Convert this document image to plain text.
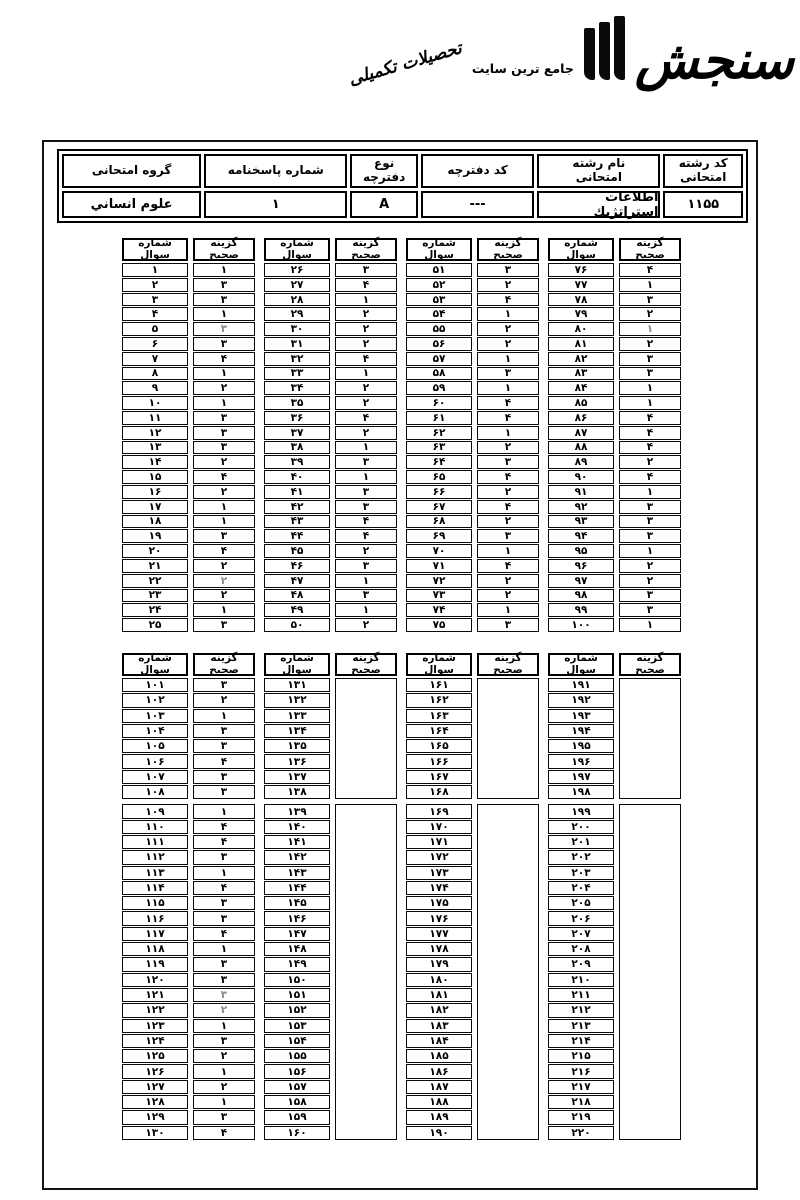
تحصیلات تکمیلی جامع ترین سایت سنجش
کد رشته
امتحانی
۱۱۵۵
نام رشته
امتحانی
اطلاعات استراتژیك
کد دفترچه
---
نوع
دفترچه
A
شماره پاسخنامه
۱
گروه امتحانی
علوم انساني
شماره
سوال
۱
۲
۳
۴
۵
۶
۷
۸
۹
۱۰
۱۱
۱۲
۱۳
۱۴
۱۵
۱۶
۱۷
۱۸
۱۹
۲۰
۲۱
۲۲
۲۳
۲۴
۲۵
گزینه
صحیح
۱
۳
۳
۱
۳
۳
۴
۱
۲
۱
۳
۳
۳
۲
۴
۲
۱
۱
۳
۴
۲
۲
۲
۱
۳
شماره
سوال
۲۶
۲۷
۲۸
۲۹
۳۰
۳۱
۳۲
۳۳
۳۴
۳۵
۳۶
۳۷
۳۸
۳۹
۴۰
۴۱
۴۲
۴۳
۴۴
۴۵
۴۶
۴۷
۴۸
۴۹
۵۰
گزینه
صحیح
۳
۴
۱
۲
۲
۲
۴
۱
۲
۲
۴
۲
۱
۳
۱
۳
۳
۴
۴
۲
۳
۱
۳
۱
۲
شماره
سوال
۵۱
۵۲
۵۳
۵۴
۵۵
۵۶
۵۷
۵۸
۵۹
۶۰
۶۱
۶۲
۶۳
۶۴
۶۵
۶۶
۶۷
۶۸
۶۹
۷۰
۷۱
۷۲
۷۳
۷۴
۷۵
گزینه
صحیح
۳
۲
۴
۱
۲
۲
۱
۳
۱
۴
۴
۱
۲
۳
۴
۲
۴
۲
۳
۱
۴
۲
۲
۱
۳
شماره
سوال
۷۶
۷۷
۷۸
۷۹
۸۰
۸۱
۸۲
۸۳
۸۴
۸۵
۸۶
۸۷
۸۸
۸۹
۹۰
۹۱
۹۲
۹۳
۹۴
۹۵
۹۶
۹۷
۹۸
۹۹
۱۰۰
گزینه
صحیح
۴
۱
۳
۲
۱
۲
۳
۳
۱
۱
۴
۴
۴
۲
۴
۱
۳
۳
۳
۱
۲
۲
۳
۳
۱
شماره
سوال
۱۰۱
۱۰۲
۱۰۳
۱۰۴
۱۰۵
۱۰۶
۱۰۷
۱۰۸
۱۰۹
۱۱۰
۱۱۱
۱۱۲
۱۱۳
۱۱۴
۱۱۵
۱۱۶
۱۱۷
۱۱۸
۱۱۹
۱۲۰
۱۲۱
۱۲۲
۱۲۳
۱۲۴
۱۲۵
۱۲۶
۱۲۷
۱۲۸
۱۲۹
۱۳۰
گزینه
صحیح
۳
۲
۱
۳
۳
۴
۳
۳
۱
۴
۴
۳
۱
۴
۳
۳
۴
۱
۳
۳
۳
۲
۱
۳
۲
۱
۲
۱
۳
۴
شماره
سوال
۱۳۱
۱۳۲
۱۳۳
۱۳۴
۱۳۵
۱۳۶
۱۳۷
۱۳۸
۱۳۹
۱۴۰
۱۴۱
۱۴۲
۱۴۳
۱۴۴
۱۴۵
۱۴۶
۱۴۷
۱۴۸
۱۴۹
۱۵۰
۱۵۱
۱۵۲
۱۵۳
۱۵۴
۱۵۵
۱۵۶
۱۵۷
۱۵۸
۱۵۹
۱۶۰
گزینه
صحیح
شماره
سوال
۱۶۱
۱۶۲
۱۶۳
۱۶۴
۱۶۵
۱۶۶
۱۶۷
۱۶۸
۱۶۹
۱۷۰
۱۷۱
۱۷۲
۱۷۳
۱۷۴
۱۷۵
۱۷۶
۱۷۷
۱۷۸
۱۷۹
۱۸۰
۱۸۱
۱۸۲
۱۸۳
۱۸۴
۱۸۵
۱۸۶
۱۸۷
۱۸۸
۱۸۹
۱۹۰
گزینه
صحیح
شماره
سوال
۱۹۱
۱۹۲
۱۹۳
۱۹۴
۱۹۵
۱۹۶
۱۹۷
۱۹۸
۱۹۹
۲۰۰
۲۰۱
۲۰۲
۲۰۳
۲۰۴
۲۰۵
۲۰۶
۲۰۷
۲۰۸
۲۰۹
۲۱۰
۲۱۱
۲۱۲
۲۱۳
۲۱۴
۲۱۵
۲۱۶
۲۱۷
۲۱۸
۲۱۹
۲۲۰
گزینه
صحیح
